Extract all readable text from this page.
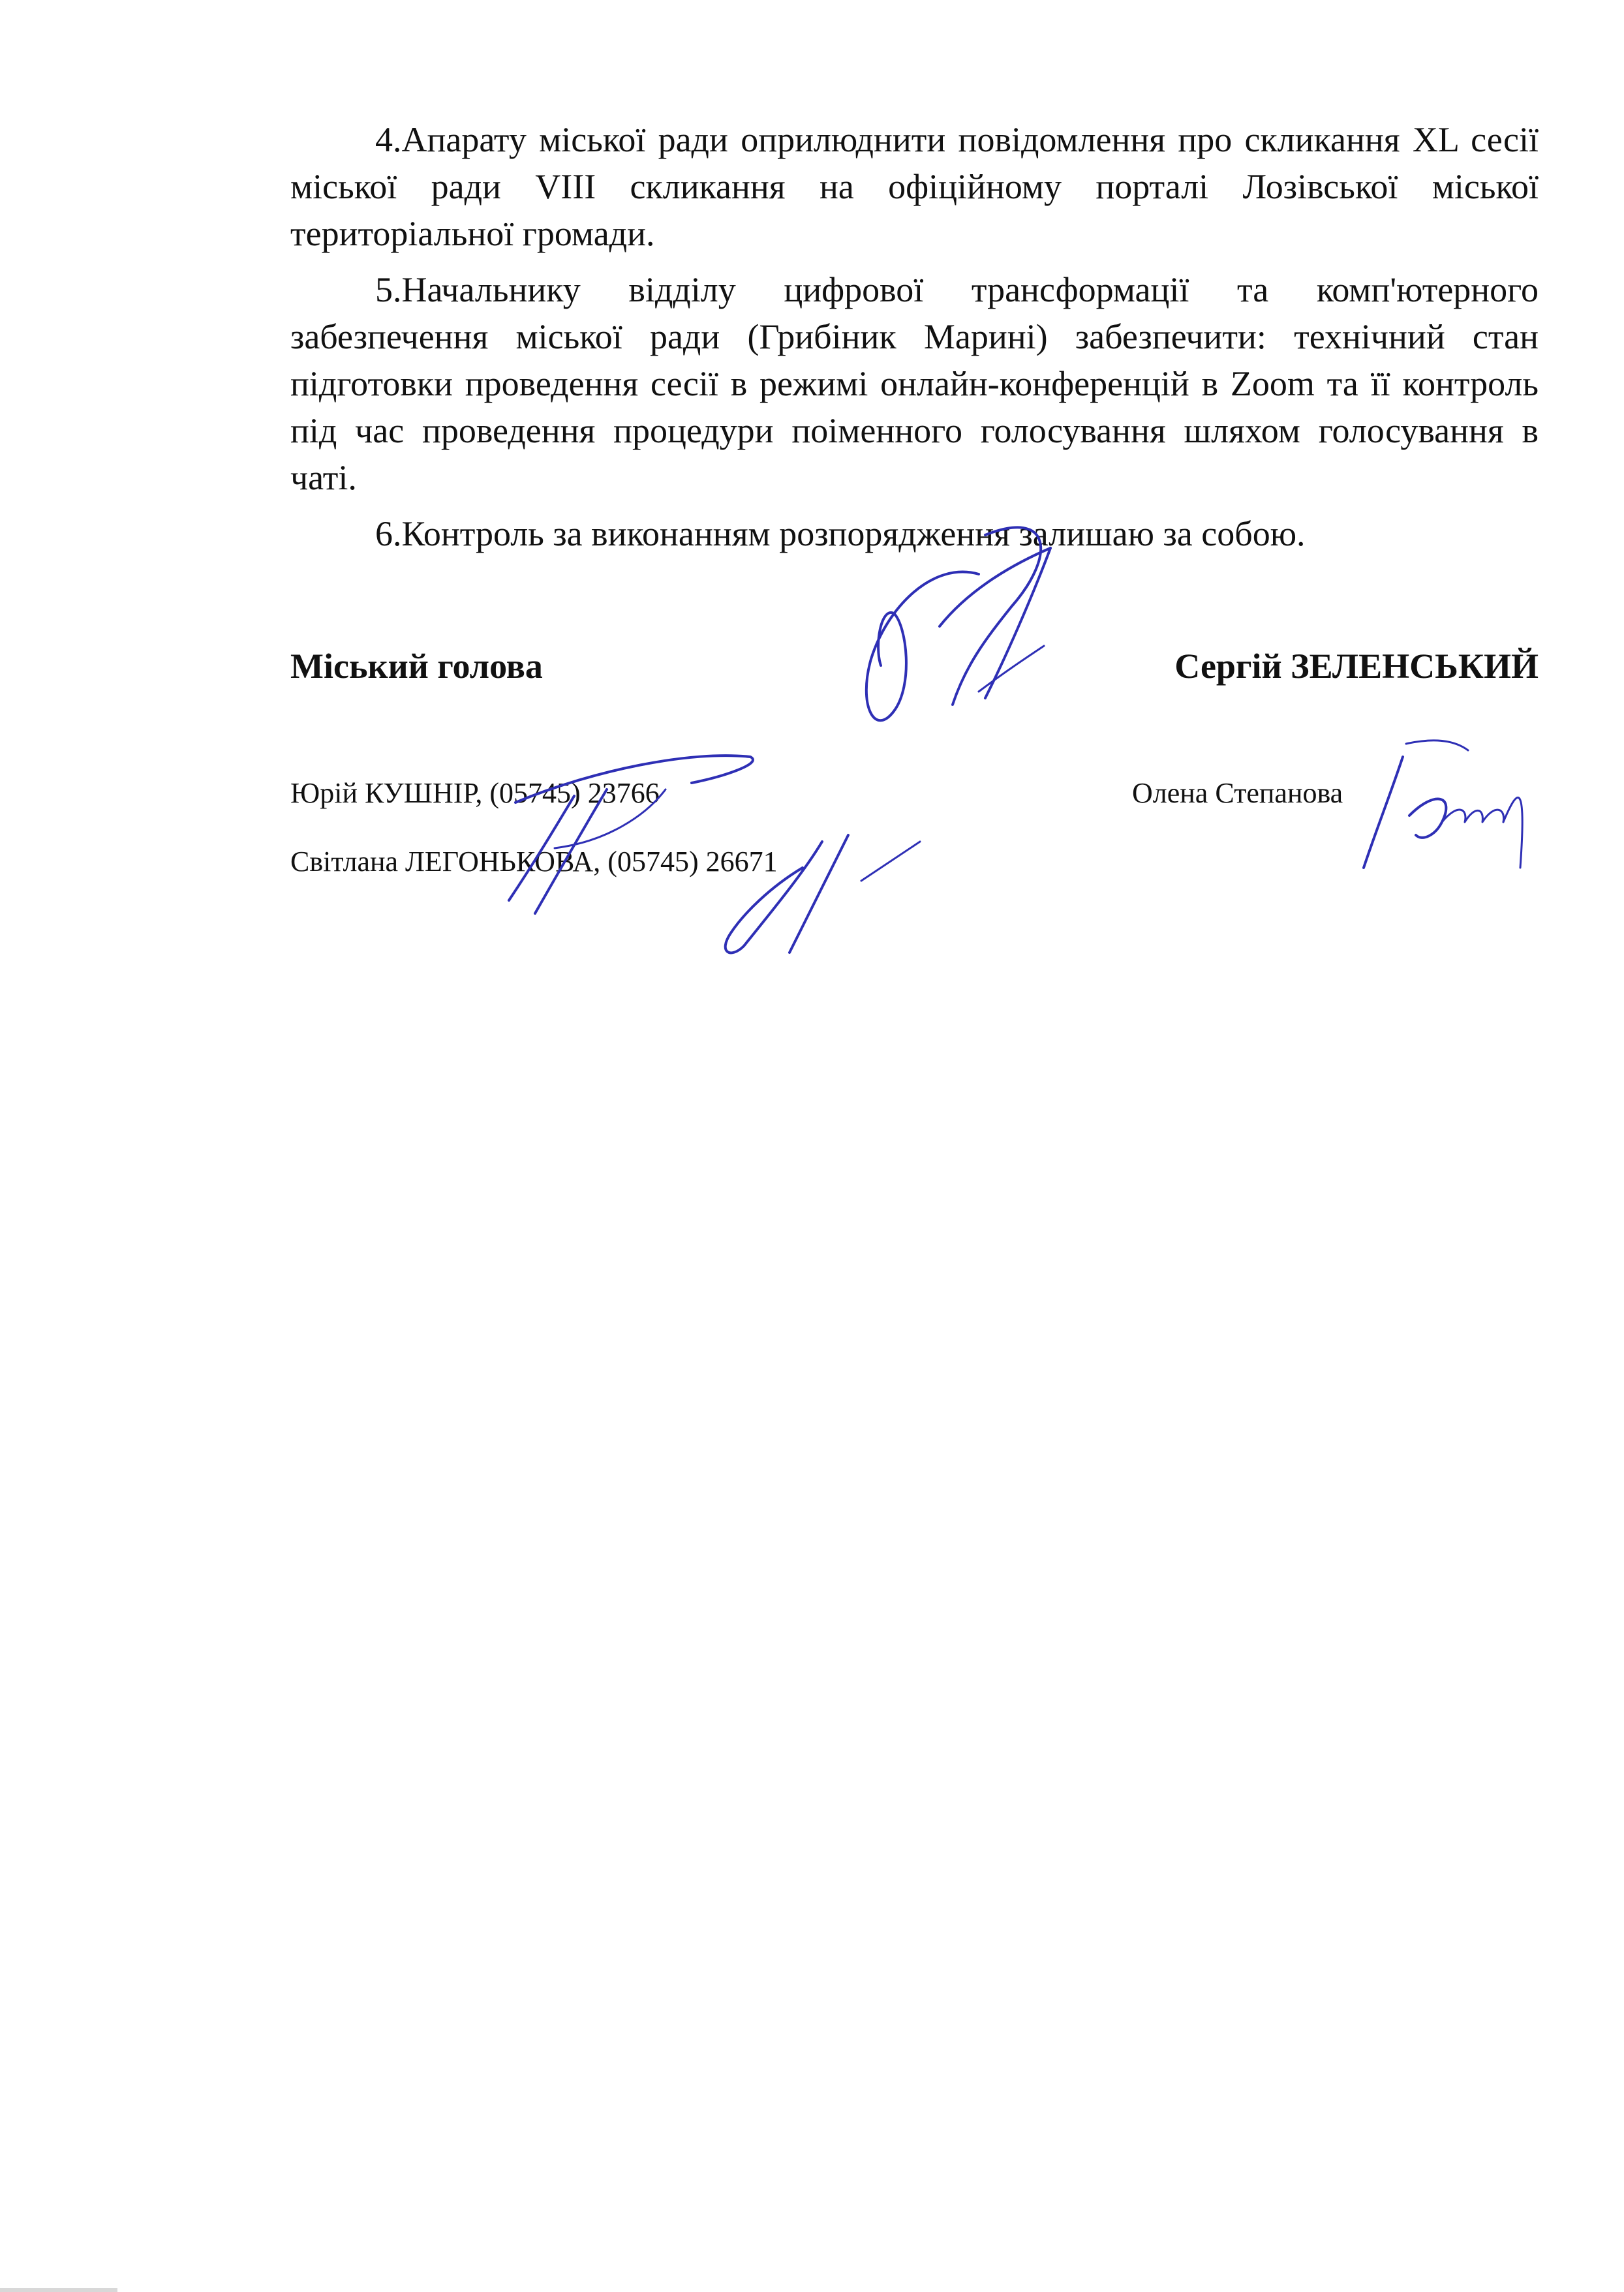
4.Апарату міської ради оприлюднити повідомлення про скликання XL сесії міської ради VIII скликання на офіційному порталі Лозівської міської територіальної громади.

5.Начальнику відділу цифрової трансформації та комп'ютерного забезпечення міської ради (Грибіник Марині) забезпечити: технічний стан підготовки проведення сесії в режимі онлайн-конференцій в Zoom та її контроль під час проведення процедури поіменного голосування шляхом голосування в чаті.

6.Контроль за виконанням розпорядження залишаю за собою.

Міський голова	Сергій ЗЕЛЕНСЬКИЙ
Юрій КУШНІР, (05745) 23766
Світлана ЛЕГОНЬКОВА, (05745) 26671
Олена Степанова
